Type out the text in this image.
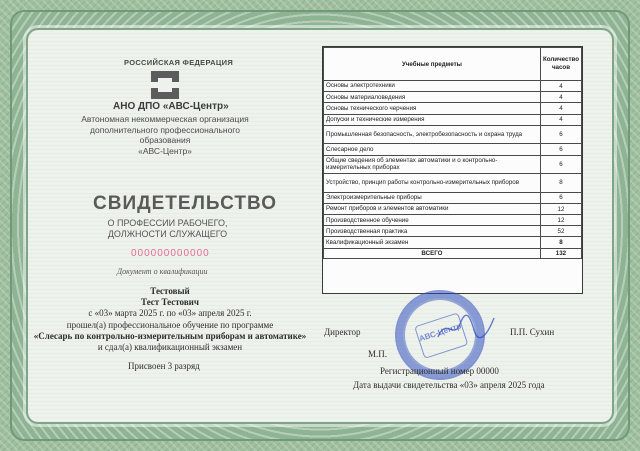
РОССИЙСКАЯ ФЕДЕРАЦИЯ
АНО ДПО «АВС-Центр»
Автономная некоммерческая организация
дополнительного профессионального образования
«АВС-Центр»
СВИДЕТЕЛЬСТВО
О ПРОФЕССИИ РАБОЧЕГО,
ДОЛЖНОСТИ СЛУЖАЩЕГО
000000000000
Документ о квалификации
Тестовый
Тест Тестович
с «03» марта 2025 г. по «03» апреля 2025 г.
прошел(а) профессиональное обучение по программе
«Слесарь по контрольно-измерительным приборам и автоматике»
и сдал(а) квалификационный экзамен
Присвоен 3 разряд
Учебные предметы	Количество часов
Основы электротехники	4
Основы материаловедения	4
Основы технического черчения	4
Допуски и технические измерения	4
Промышленная безопасность, электробезопасность и охрана труда	6
Слесарное дело	6
Общие сведения об элементах автоматики и о контрольно-измерительных приборах	6
Устройство, принцип работы контрольно-измерительных приборов	8
Электроизмерительные приборы	6
Ремонт приборов и элементов автоматики	12
Производственное обучение	12
Производственная практика	52
Квалификационный экзамен	8
ВСЕГО	132
АВС-Центр
Директор	П.П. Сухин
М.П.
Регистрационный номер 00000
Дата выдачи свидетельства «03» апреля 2025 года
